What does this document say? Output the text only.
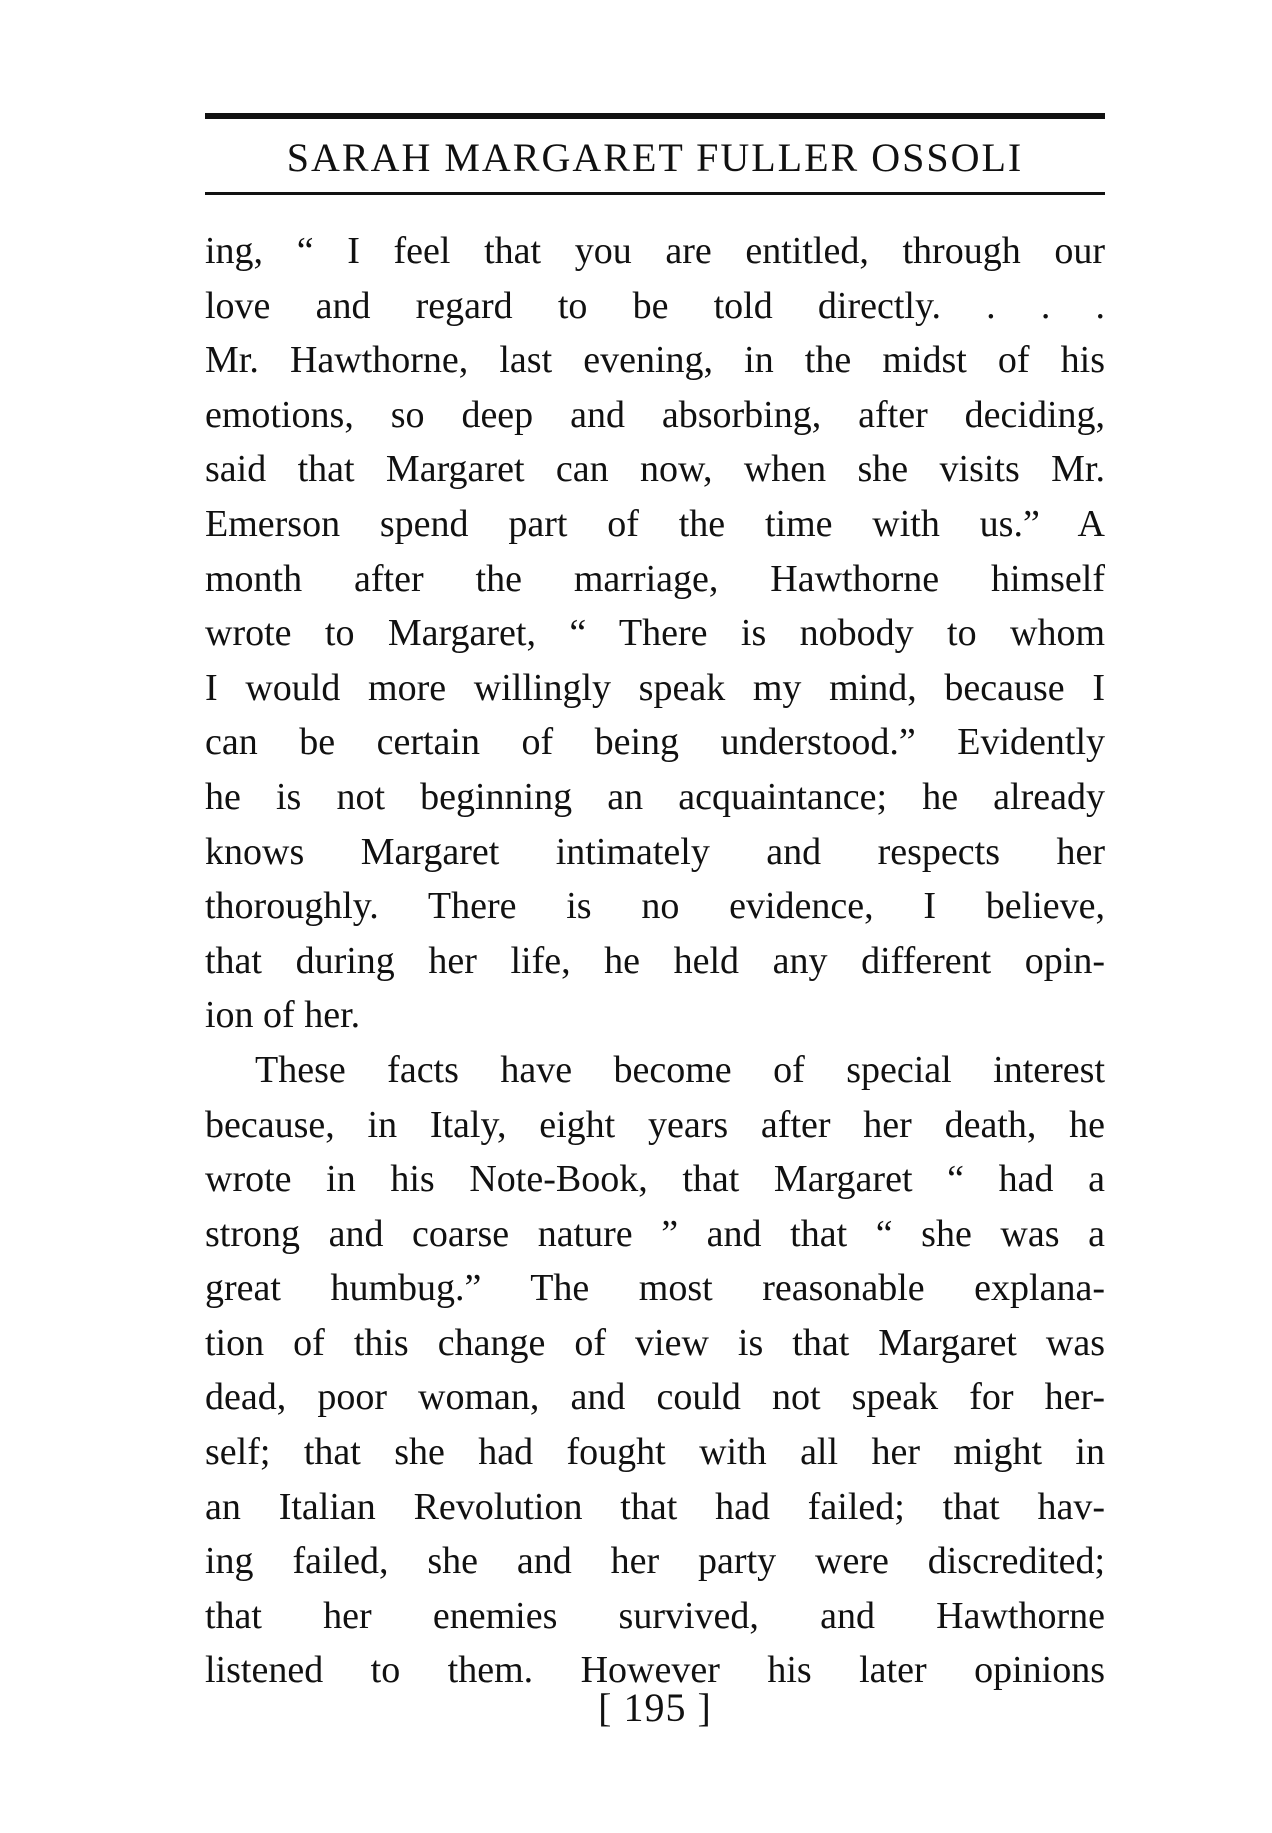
SARAH MARGARET FULLER OSSOLI
ing, “ I feel that you are entitled, through our
love and regard to be told directly. . . .
Mr. Hawthorne, last evening, in the midst of his
emotions, so deep and absorbing, after deciding,
said that Margaret can now, when she visits Mr.
Emerson spend part of the time with us.” A
month after the marriage, Hawthorne himself
wrote to Margaret, “ There is nobody to whom
I would more willingly speak my mind, because I
can be certain of being understood.” Evidently
he is not beginning an acquaintance; he already
knows Margaret intimately and respects her
thoroughly. There is no evidence, I believe,
that during her life, he held any different opin-
ion of her.
These facts have become of special interest
because, in Italy, eight years after her death, he
wrote in his Note-Book, that Margaret “ had a
strong and coarse nature ” and that “ she was a
great humbug.” The most reasonable explana-
tion of this change of view is that Margaret was
dead, poor woman, and could not speak for her-
self; that she had fought with all her might in
an Italian Revolution that had failed; that hav-
ing failed, she and her party were discredited;
that her enemies survived, and Hawthorne
listened to them. However his later opinions
[ 195 ]
